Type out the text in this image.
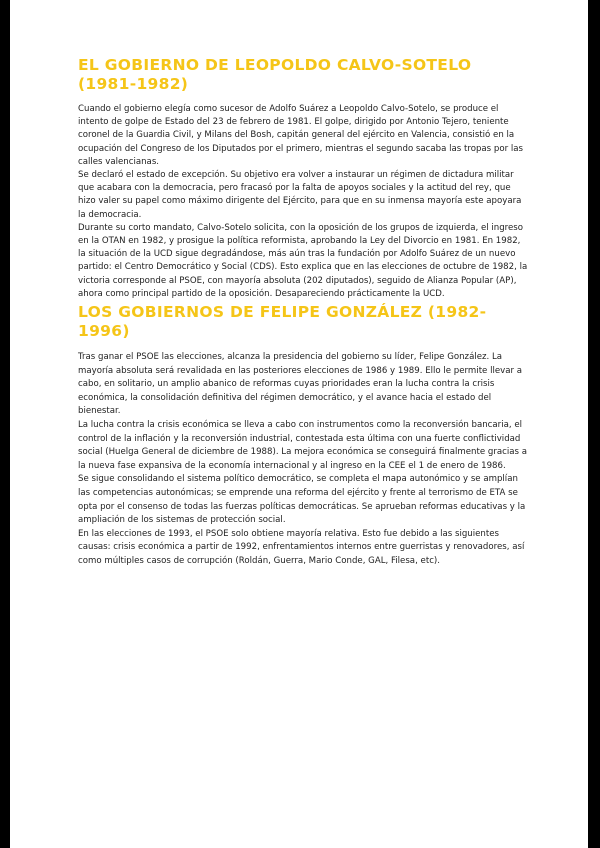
EL GOBIERNO DE LEOPOLDO CALVO-SOTELO (1981-1982)

Cuando el gobierno elegía como sucesor de Adolfo Suárez a Leopoldo Calvo-Sotelo, se produce el intento de golpe de Estado del 23 de febrero de 1981. El golpe, dirigido por Antonio Tejero, teniente coronel de la Guardia Civil, y Milans del Bosh, capitán general del ejército en Valencia, consistió en la ocupación del Congreso de los Diputados por el primero, mientras el segundo sacaba las tropas por las calles valencianas.

Se declaró el estado de excepción. Su objetivo era volver a instaurar un régimen de dictadura militar que acabara con la democracia, pero fracasó por la falta de apoyos sociales y la actitud del rey, que hizo valer su papel como máximo dirigente del Ejército, para que en su inmensa mayoría este apoyara la democracia.

Durante su corto mandato, Calvo-Sotelo solicita, con la oposición de los grupos de izquierda, el ingreso en la OTAN en 1982, y prosigue la política reformista, aprobando la Ley del Divorcio en 1981. En 1982, la situación de la UCD sigue degradándose, más aún tras la fundación por Adolfo Suárez de un nuevo partido: el Centro Democrático y Social (CDS). Esto explica que en las elecciones de octubre de 1982, la victoria corresponde al PSOE, con mayoría absoluta (202 diputados), seguido de Alianza Popular (AP), ahora como principal partido de la oposición. Desapareciendo prácticamente la UCD.

LOS GOBIERNOS DE FELIPE GONZÁLEZ (1982-1996)

Tras ganar el PSOE las elecciones, alcanza la presidencia del gobierno su líder, Felipe González. La mayoría absoluta será revalidada en las posteriores elecciones de 1986 y 1989. Ello le permite llevar a cabo, en solitario, un amplio abanico de reformas cuyas prioridades eran la lucha contra la crisis económica, la consolidación definitiva del régimen democrático, y el avance hacia el estado del bienestar.

La lucha contra la crisis económica se lleva a cabo con instrumentos como la reconversión bancaria, el control de la inflación y la reconversión industrial, contestada esta última con una fuerte conflictividad social (Huelga General de diciembre de 1988). La mejora económica se conseguirá finalmente gracias a la nueva fase expansiva de la economía internacional y al ingreso en la CEE el 1 de enero de 1986.

Se sigue consolidando el sistema político democrático, se completa el mapa autonómico y se amplían las competencias autonómicas; se emprende una reforma del ejército y frente al terrorismo de ETA se opta por el consenso de todas las fuerzas políticas democráticas. Se aprueban reformas educativas y la ampliación de los sistemas de protección social.

En las elecciones de 1993, el PSOE solo obtiene mayoría relativa. Esto fue debido a las siguientes causas: crisis económica a partir de 1992, enfrentamientos internos entre guerristas y renovadores, así como múltiples casos de corrupción (Roldán, Guerra, Mario Conde, GAL, Filesa, etc).
